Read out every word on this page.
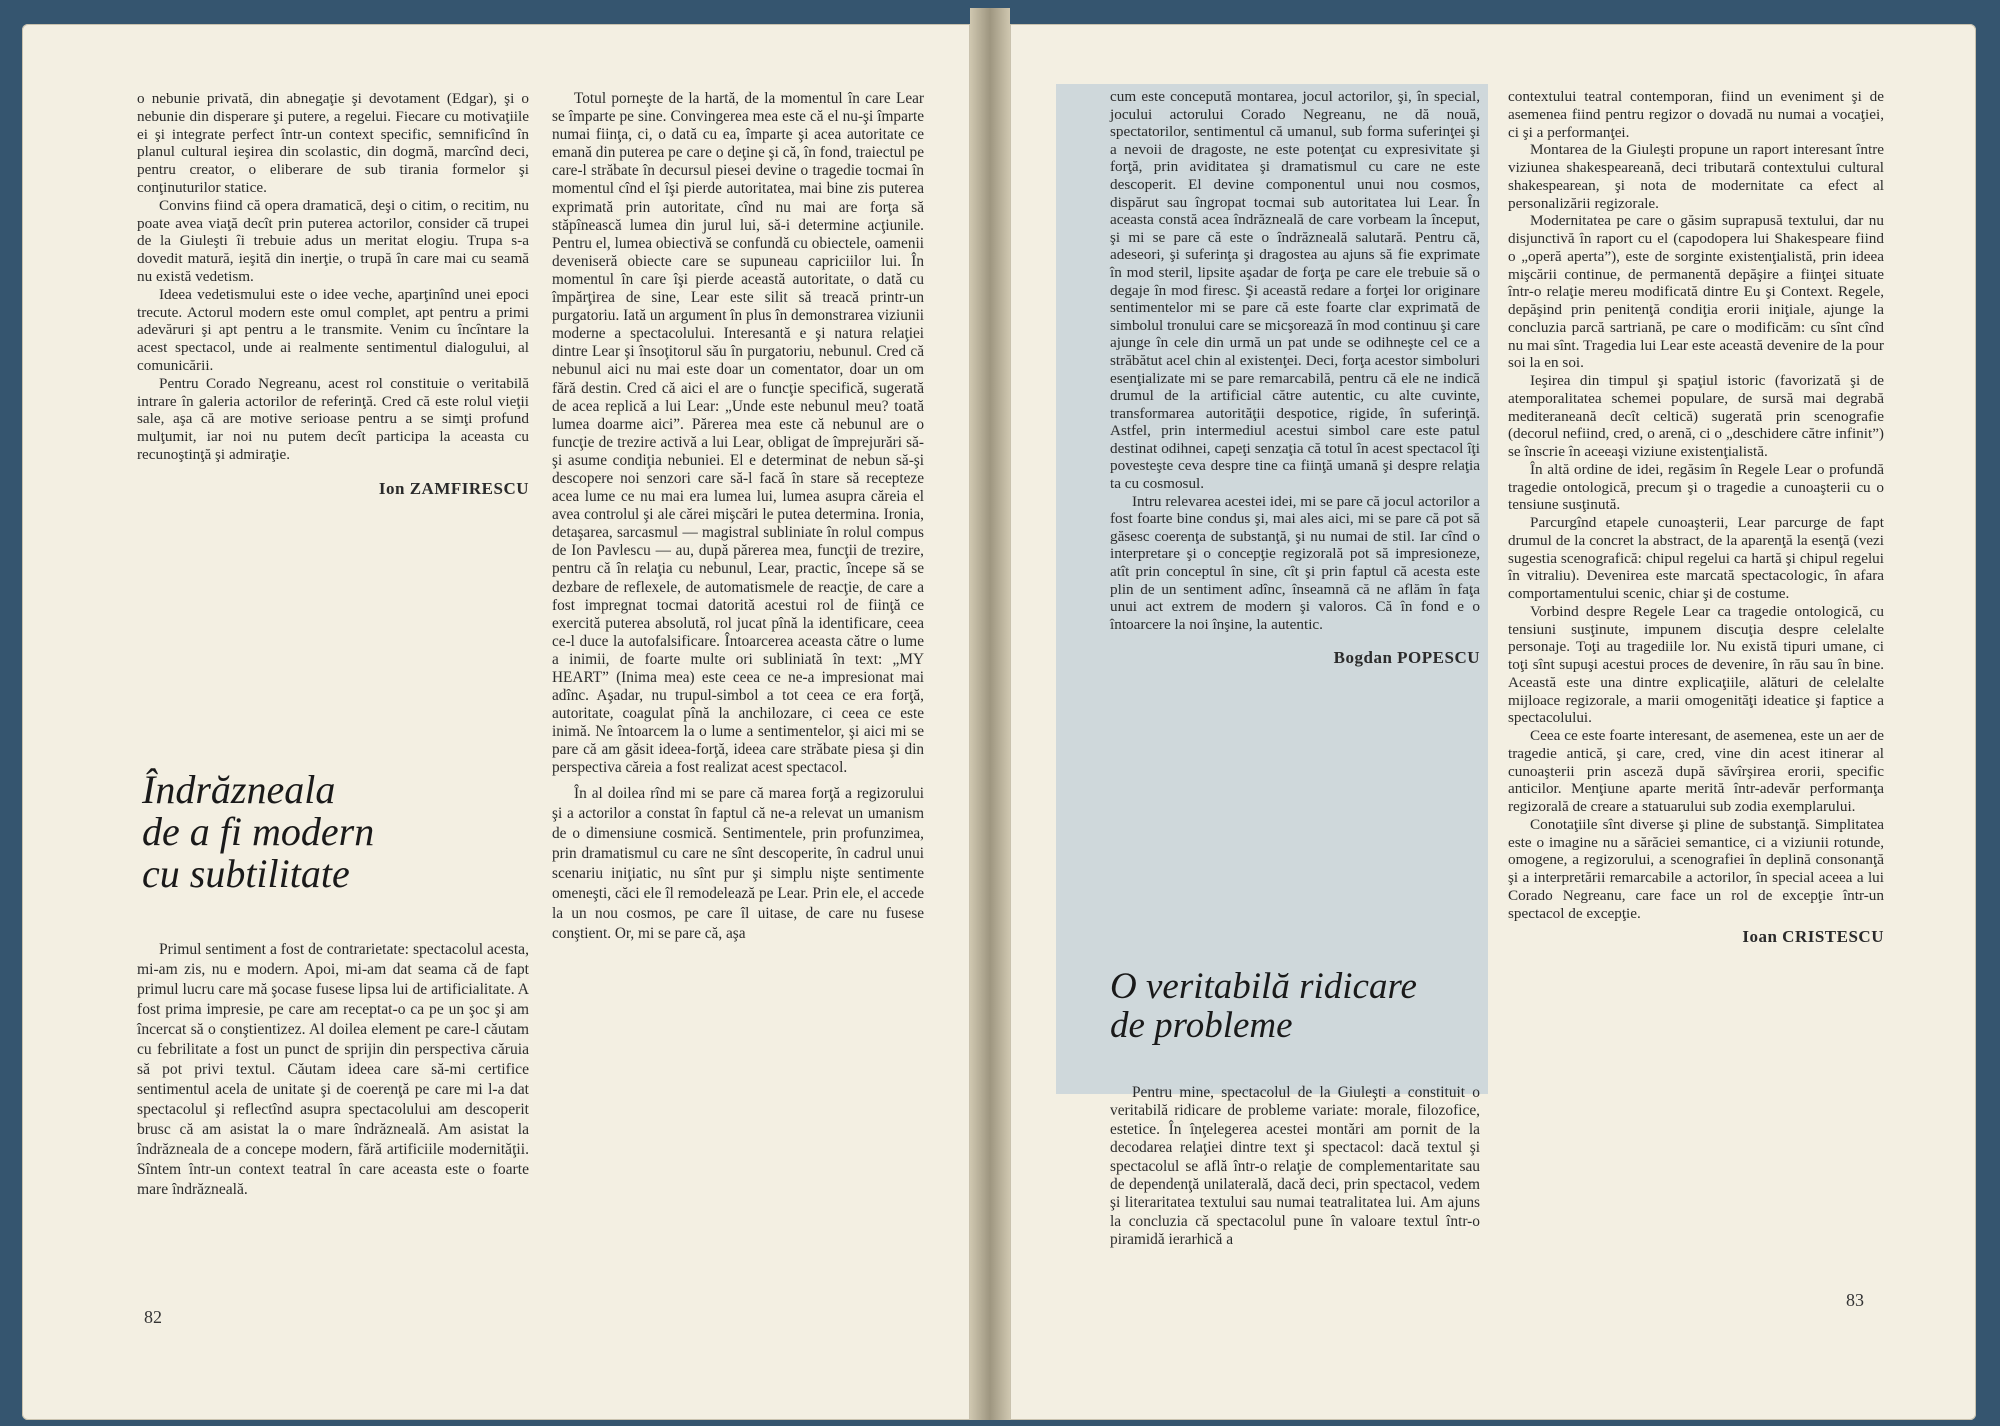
o nebunie privată, din abnegaţie şi devotament (Edgar), şi o nebunie din disperare şi putere, a regelui. Fiecare cu motivaţiile ei şi integrate perfect într-un context specific, semnificînd în planul cultural ieşirea din scolastic, din dogmă, marcînd deci, pentru creator, o eliberare de sub tirania formelor şi conţinuturilor statice.

Convins fiind că opera dramatică, deşi o citim, o recitim, nu poate avea viaţă decît prin puterea actorilor, consider că trupei de la Giuleşti îi trebuie adus un meritat elogiu. Trupa s-a dovedit matură, ieşită din inerţie, o trupă în care mai cu seamă nu există vedetism.

Ideea vedetismului este o idee veche, aparţinînd unei epoci trecute. Actorul modern este omul complet, apt pentru a primi adevăruri şi apt pentru a le transmite. Venim cu încîntare la acest spectacol, unde ai realmente sentimentul dialogului, al comunicării.

Pentru Corado Negreanu, acest rol constituie o veritabilă intrare în galeria actorilor de referinţă. Cred că este rolul vieţii sale, aşa că are motive serioase pentru a se simţi profund mulţumit, iar noi nu putem decît participa la aceasta cu recunoştinţă şi admiraţie.

Ion ZAMFIRESCU
Îndrăzneala
de a fi modern
cu subtilitate

Primul sentiment a fost de contrarietate: spectacolul acesta, mi-am zis, nu e modern. Apoi, mi-am dat seama că de fapt primul lucru care mă şocase fusese lipsa lui de artificialitate. A fost prima impresie, pe care am receptat-o ca pe un şoc şi am încercat să o conştientizez. Al doilea element pe care-l căutam cu febrilitate a fost un punct de sprijin din perspectiva căruia să pot privi textul. Căutam ideea care să-mi certifice sentimentul acela de unitate şi de coerenţă pe care mi l-a dat spectacolul şi reflectînd asupra spectacolului am descoperit brusc că am asistat la o mare îndrăzneală. Am asistat la îndrăzneala de a concepe modern, fără artificiile modernităţii. Sîntem într-un context teatral în care aceasta este o foarte mare îndrăzneală.

Totul porneşte de la hartă, de la momentul în care Lear se împarte pe sine. Convingerea mea este că el nu-şi împarte numai fiinţa, ci, o dată cu ea, împarte şi acea autoritate ce emană din puterea pe care o deţine şi că, în fond, traiectul pe care-l străbate în decursul piesei devine o tragedie tocmai în momentul cînd el îşi pierde autoritatea, mai bine zis puterea exprimată prin autoritate, cînd nu mai are forţa să stăpînească lumea din jurul lui, să-i determine acţiunile. Pentru el, lumea obiectivă se confundă cu obiectele, oamenii deveniseră obiecte care se supuneau capriciilor lui. În momentul în care îşi pierde această autoritate, o dată cu împărţirea de sine, Lear este silit să treacă printr-un purgatoriu. Iată un argument în plus în demonstrarea viziunii moderne a spectacolului. Interesantă e şi natura relaţiei dintre Lear şi însoţitorul său în purgatoriu, nebunul. Cred că nebunul aici nu mai este doar un comentator, doar un om fără destin. Cred că aici el are o funcţie specifică, sugerată de acea replică a lui Lear: „Unde este nebunul meu? toată lumea doarme aici”. Părerea mea este că nebunul are o funcţie de trezire activă a lui Lear, obligat de împrejurări să-şi asume condiţia nebuniei. El e determinat de nebun să-şi descopere noi senzori care să-l facă în stare să recepteze acea lume ce nu mai era lumea lui, lumea asupra căreia el avea controlul şi ale cărei mişcări le putea determina. Ironia, detaşarea, sarcasmul — magistral subliniate în rolul compus de Ion Pavlescu — au, după părerea mea, funcţii de trezire, pentru că în relaţia cu nebunul, Lear, practic, începe să se dezbare de reflexele, de automatismele de reacţie, de care a fost impregnat tocmai datorită acestui rol de fiinţă ce exercită puterea absolută, rol jucat pînă la identificare, ceea ce-l duce la autofalsificare. Întoarcerea aceasta către o lume a inimii, de foarte multe ori subliniată în text: „MY HEART” (Inima mea) este ceea ce ne-a impresionat mai adînc. Aşadar, nu trupul-simbol a tot ceea ce era forţă, autoritate, coagulat pînă la anchilozare, ci ceea ce este inimă. Ne întoarcem la o lume a sentimentelor, şi aici mi se pare că am găsit ideea-forţă, ideea care străbate piesa şi din perspectiva căreia a fost realizat acest spectacol.

În al doilea rînd mi se pare că marea forţă a regizorului şi a actorilor a constat în faptul că ne-a relevat un umanism de o dimensiune cosmică. Sentimentele, prin profunzimea, prin dramatismul cu care ne sînt descoperite, în cadrul unui scenariu iniţiatic, nu sînt pur şi simplu nişte sentimente omeneşti, căci ele îl remodelează pe Lear. Prin ele, el accede la un nou cosmos, pe care îl uitase, de care nu fusese conştient. Or, mi se pare că, aşa

82

cum este concepută montarea, jocul actorilor, şi, în special, jocului actorului Corado Negreanu, ne dă nouă, spectatorilor, sentimentul că umanul, sub forma suferinţei şi a nevoii de dragoste, ne este potenţat cu expresivitate şi forţă, prin aviditatea şi dramatismul cu care ne este descoperit. El devine componentul unui nou cosmos, dispărut sau îngropat tocmai sub autoritatea lui Lear. În aceasta constă acea îndrăzneală de care vorbeam la început, şi mi se pare că este o îndrăzneală salutară. Pentru că, adeseori, şi suferinţa şi dragostea au ajuns să fie exprimate în mod steril, lipsite aşadar de forţa pe care ele trebuie să o degaje în mod firesc. Şi această redare a forţei lor originare sentimentelor mi se pare că este foarte clar exprimată de simbolul tronului care se micşorează în mod continuu şi care ajunge în cele din urmă un pat unde se odihneşte cel ce a străbătut acel chin al existenţei. Deci, forţa acestor simboluri esenţializate mi se pare remarcabilă, pentru că ele ne indică drumul de la artificial către autentic, cu alte cuvinte, transformarea autorităţii despotice, rigide, în suferinţă. Astfel, prin intermediul acestui simbol care este patul destinat odihnei, capeţi senzaţia că totul în acest spectacol îţi povesteşte ceva despre tine ca fiinţă umană şi despre relaţia ta cu cosmosul.

Intru relevarea acestei idei, mi se pare că jocul actorilor a fost foarte bine condus şi, mai ales aici, mi se pare că pot să găsesc coerenţa de substanţă, şi nu numai de stil. Iar cînd o interpretare şi o concepţie regizorală pot să impresioneze, atît prin conceptul în sine, cît şi prin faptul că acesta este plin de un sentiment adînc, înseamnă că ne aflăm în faţa unui act extrem de modern şi valoros. Că în fond e o întoarcere la noi înşine, la autentic.

Bogdan POPESCU
O veritabilă ridicare
de probleme

Pentru mine, spectacolul de la Giuleşti a constituit o veritabilă ridicare de probleme variate: morale, filozofice, estetice. În înţelegerea acestei montări am pornit de la decodarea relaţiei dintre text şi spectacol: dacă textul şi spectacolul se află într-o relaţie de complementaritate sau de dependenţă unilaterală, dacă deci, prin spectacol, vedem şi literaritatea textului sau numai teatralitatea lui. Am ajuns la concluzia că spectacolul pune în valoare textul într-o piramidă ierarhică a

contextului teatral contemporan, fiind un eveniment şi de asemenea fiind pentru regizor o dovadă nu numai a vocaţiei, ci şi a performanţei.

Montarea de la Giuleşti propune un raport interesant între viziunea shakespeareană, deci tributară contextului cultural shakespearean, şi nota de modernitate ca efect al personalizării regizorale.

Modernitatea pe care o găsim suprapusă textului, dar nu disjunctivă în raport cu el (capodopera lui Shakespeare fiind o „operă aperta”), este de sorginte existenţialistă, prin ideea mişcării continue, de permanentă depăşire a fiinţei situate într-o relaţie mereu modificată dintre Eu şi Context. Regele, depăşind prin penitenţă condiţia erorii iniţiale, ajunge la concluzia parcă sartriană, pe care o modificăm: cu sînt cînd nu mai sînt. Tragedia lui Lear este această devenire de la pour soi la en soi.

Ieşirea din timpul şi spaţiul istoric (favorizată şi de atemporalitatea schemei populare, de sursă mai degrabă mediteraneană decît celtică) sugerată prin scenografie (decorul nefiind, cred, o arenă, ci o „deschidere către infinit”) se înscrie în aceeaşi viziune existenţialistă.

În altă ordine de idei, regăsim în Regele Lear o profundă tragedie ontologică, precum şi o tragedie a cunoaşterii cu o tensiune susţinută.

Parcurgînd etapele cunoaşterii, Lear parcurge de fapt drumul de la concret la abstract, de la aparenţă la esenţă (vezi sugestia scenografică: chipul regelui ca hartă şi chipul regelui în vitraliu). Devenirea este marcată spectacologic, în afara comportamentului scenic, chiar şi de costume.

Vorbind despre Regele Lear ca tragedie ontologică, cu tensiuni susţinute, impunem discuţia despre celelalte personaje. Toţi au tragediile lor. Nu există tipuri umane, ci toţi sînt supuşi acestui proces de devenire, în rău sau în bine. Această este una dintre explicaţiile, alături de celelalte mijloace regizorale, a marii omogenităţi ideatice şi faptice a spectacolului.

Ceea ce este foarte interesant, de asemenea, este un aer de tragedie antică, şi care, cred, vine din acest itinerar al cunoaşterii prin asceză după săvîrşirea erorii, specific anticilor. Menţiune aparte merită într-adevăr performanţa regizorală de creare a statuarului sub zodia exemplarului.

Conotaţiile sînt diverse şi pline de substanţă. Simplitatea este o imagine nu a sărăciei semantice, ci a viziunii rotunde, omogene, a regizorului, a scenografiei în deplină consonanţă şi a interpretării remarcabile a actorilor, în special aceea a lui Corado Negreanu, care face un rol de excepţie într-un spectacol de excepţie.

Ioan CRISTESCU
83
